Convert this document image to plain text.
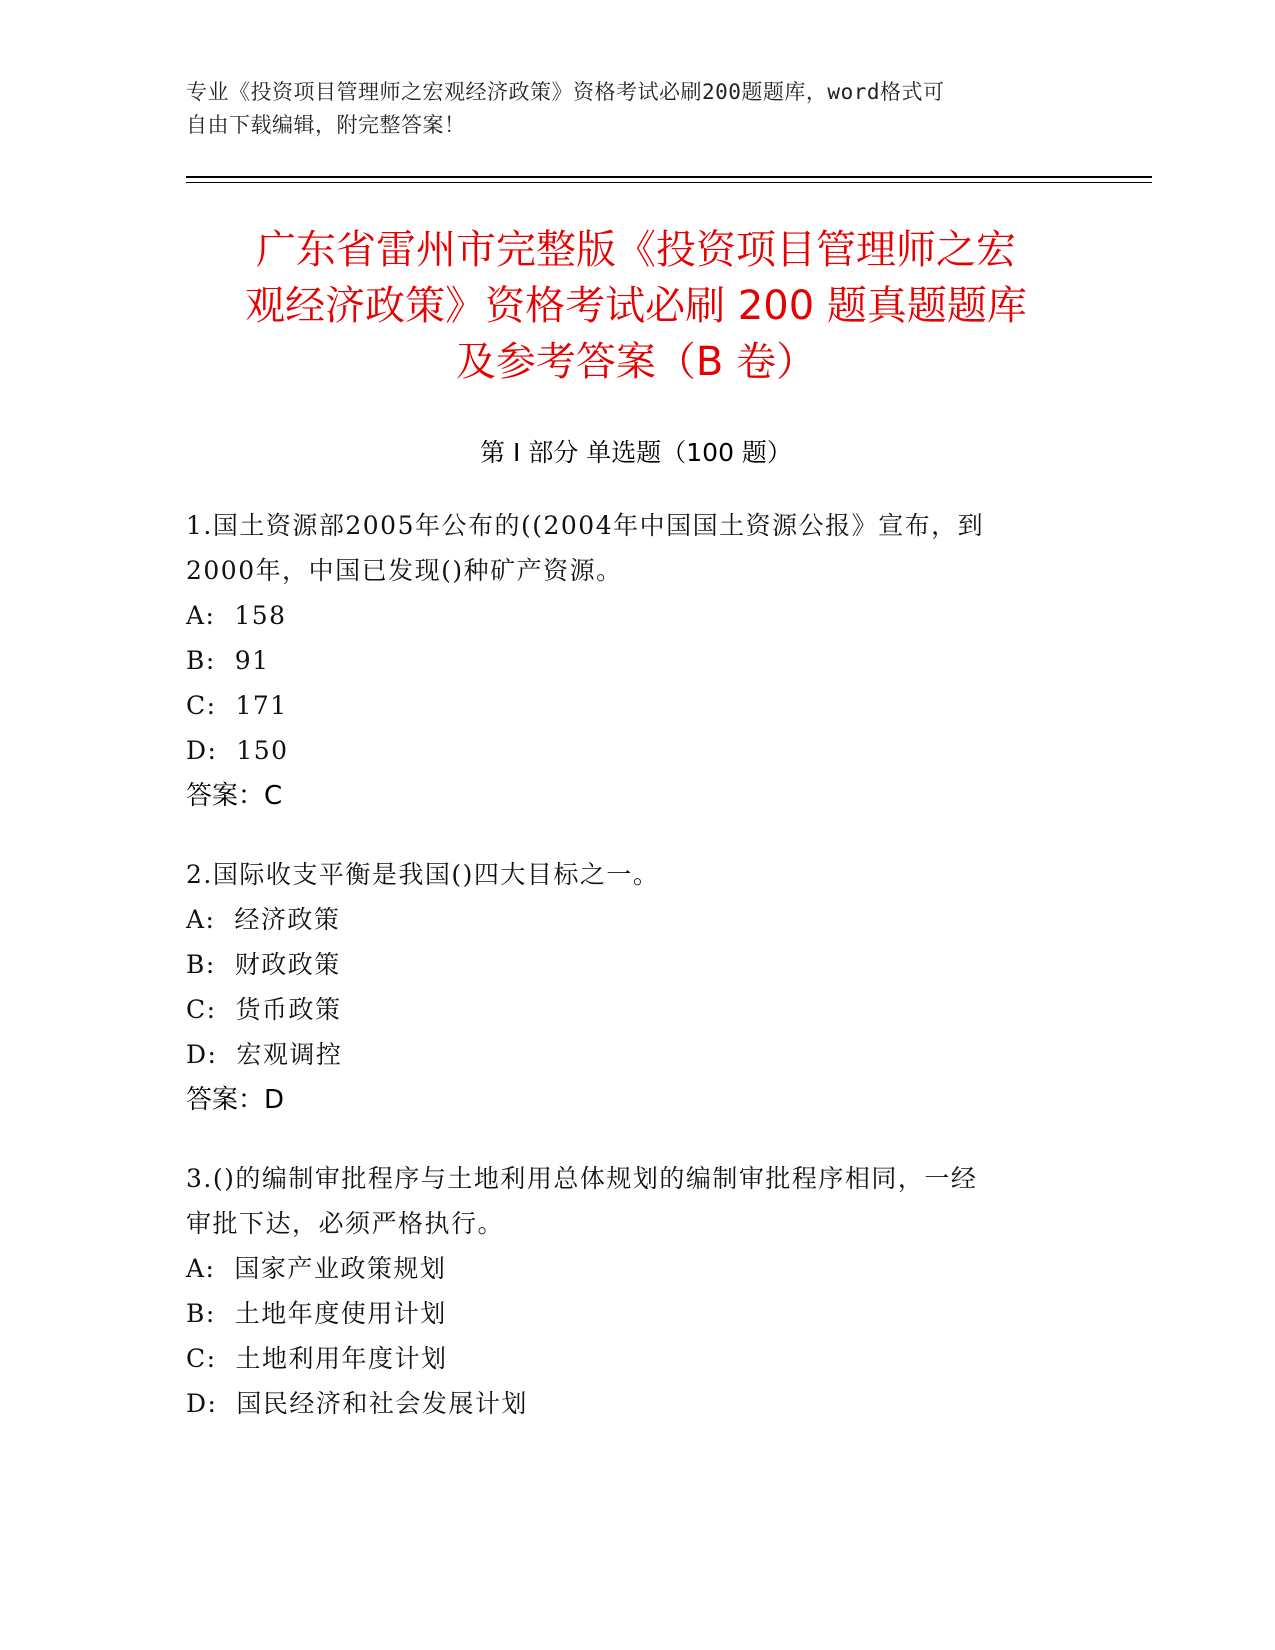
专业《投资项目管理师之宏观经济政策》资格考试必刷200题题库，word格式可
自由下载编辑，附完整答案！
广东省雷州市完整版《投资项目管理师之宏
观经济政策》资格考试必刷 200 题真题题库
及参考答案（B 卷）
第 I 部分 单选题（100 题）

1.国土资源部2005年公布的((2004年中国国土资源公报》宣布，到

2000年，中国已发现()种矿产资源。

A:  158

B:  91

C:  171

D:  150

答案：C

2.国际收支平衡是我国()四大目标之一。

A:  经济政策

B:  财政政策

C:  货币政策

D:  宏观调控

答案：D

3.()的编制审批程序与土地利用总体规划的编制审批程序相同，一经

审批下达，必须严格执行。

A:  国家产业政策规划

B:  土地年度使用计划

C:  土地利用年度计划

D:  国民经济和社会发展计划
